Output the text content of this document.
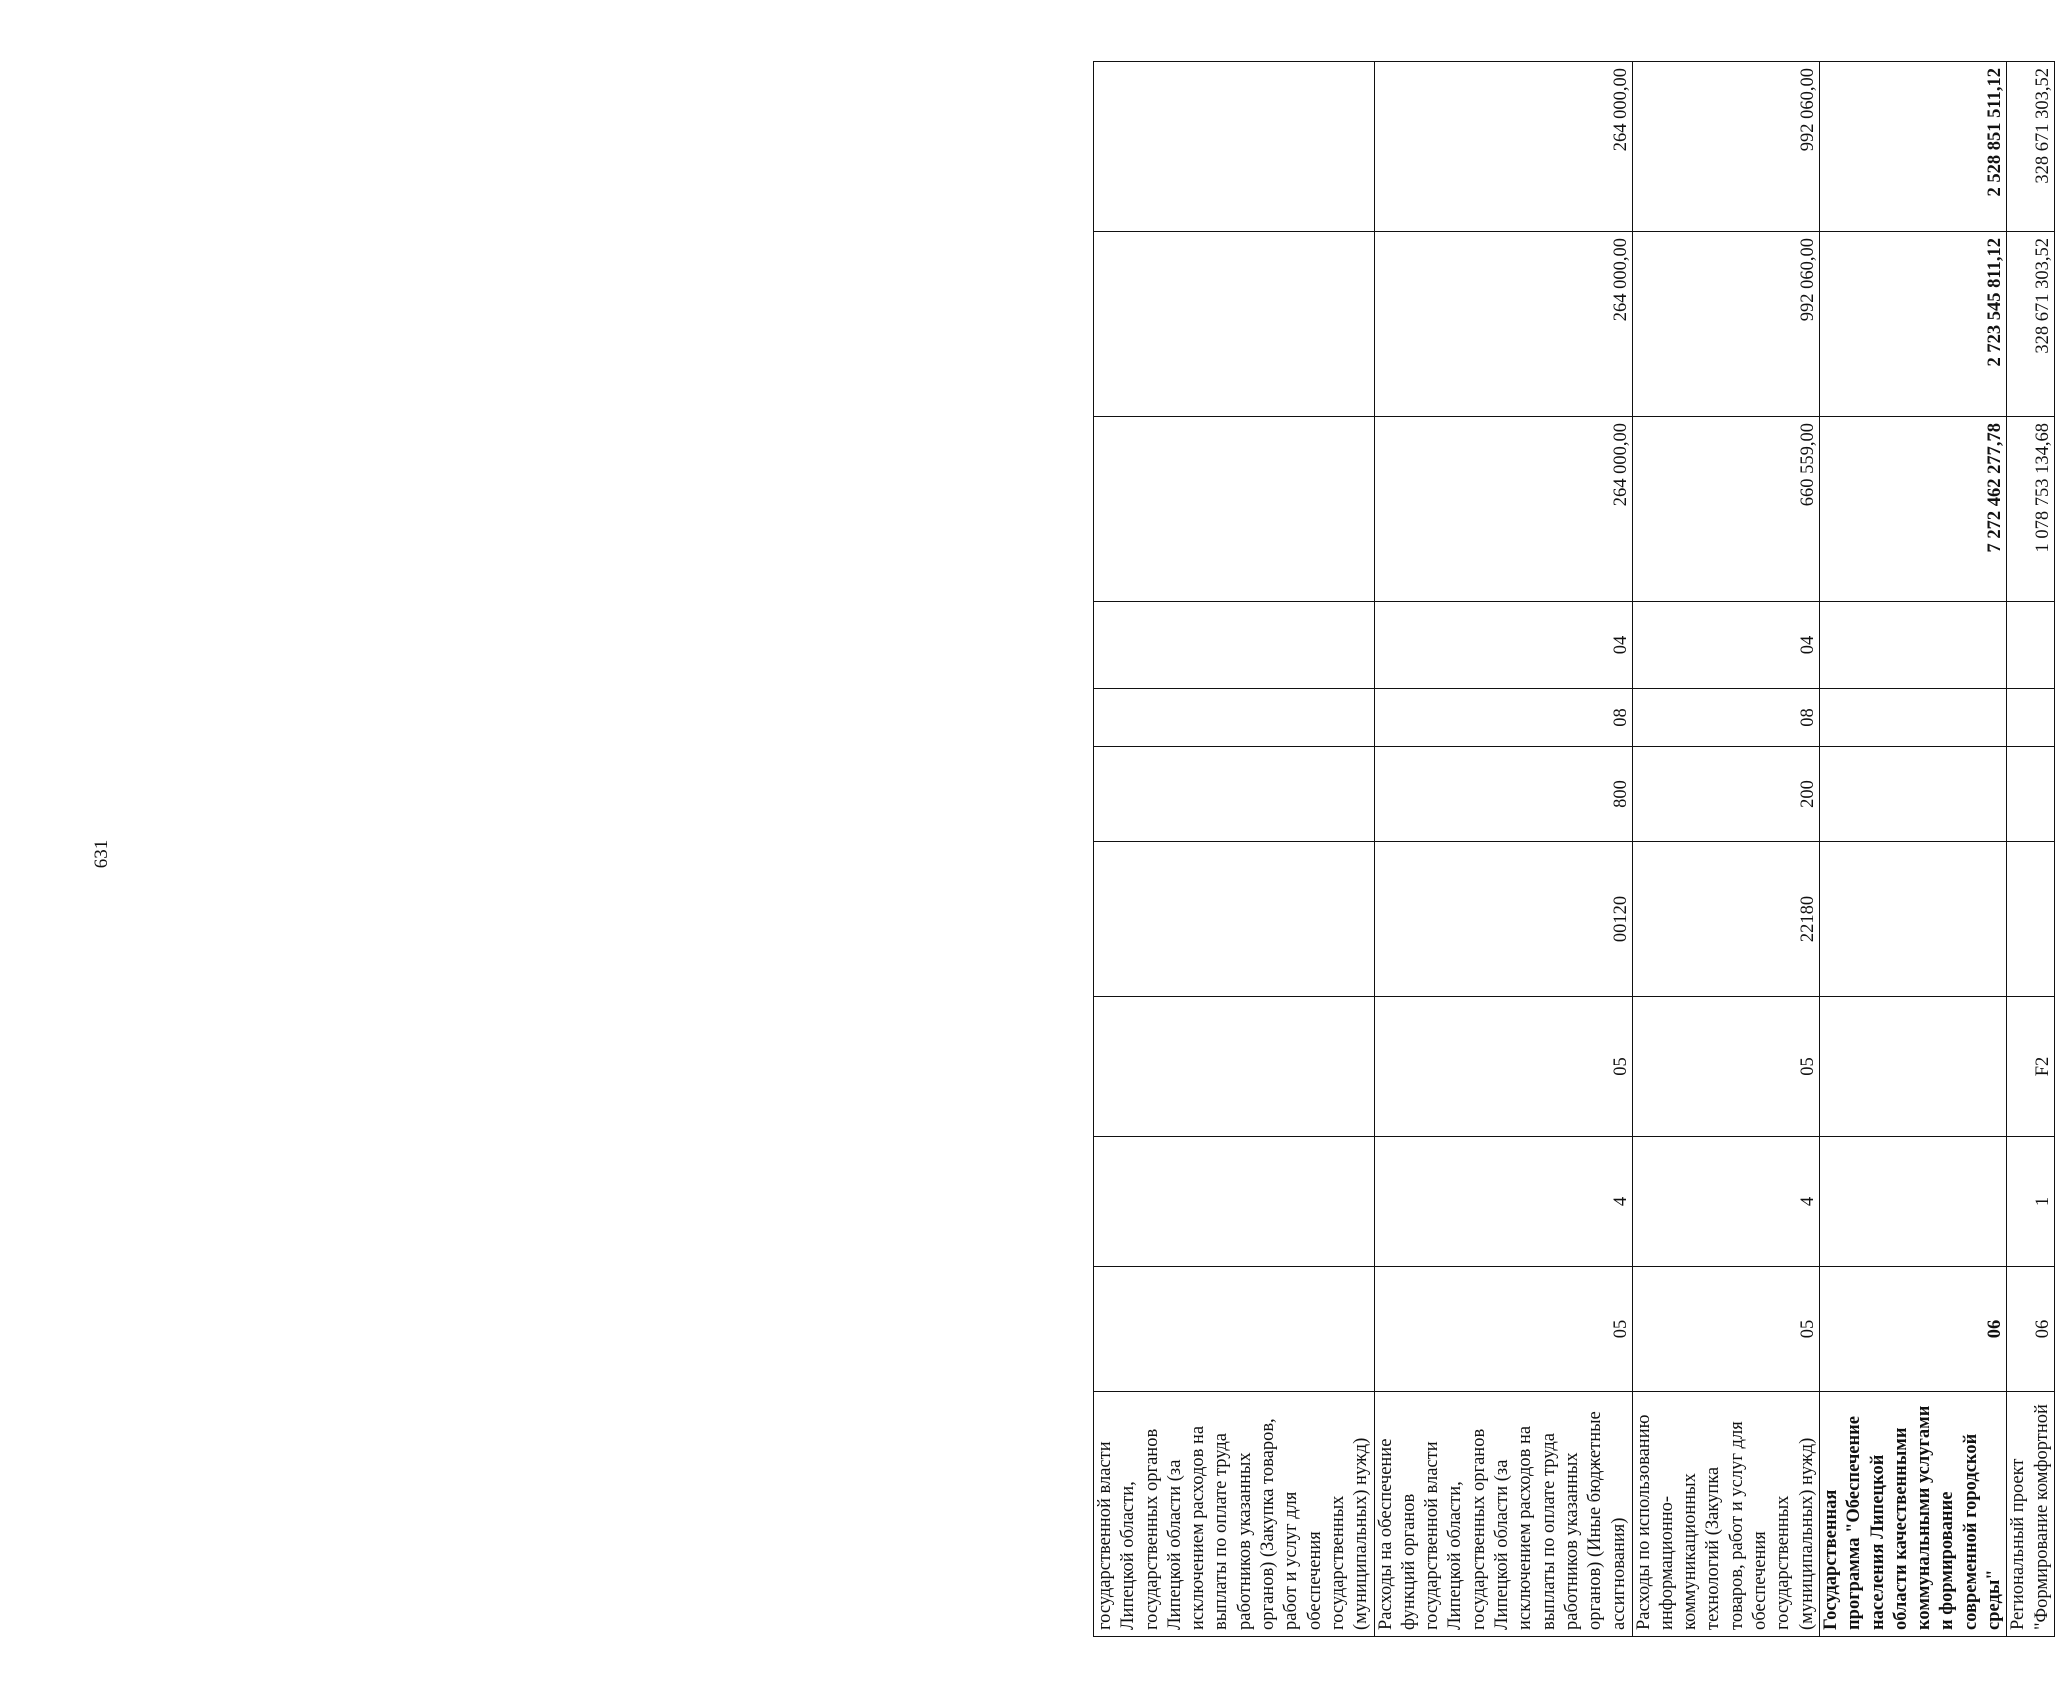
631
государственной власти Липецкой области, государственных органов Липецкой области (за исключением расходов на выплаты по оплате труда работников указанных органов) (Закупка товаров, работ и услуг для обеспечения государственных (муниципальных) нужд)										
Расходы на обеспечение функций органов государственной власти Липецкой области, государственных органов Липецкой области (за исключением расходов на выплаты по оплате труда работников указанных органов) (Иные бюджетные ассигнования)	05	4	05	00120	800	08	04	264 000,00	264 000,00	264 000,00
Расходы по использованию информационно-коммуникационных технологий (Закупка товаров, работ и услуг для обеспечения государственных (муниципальных) нужд)	05	4	05	22180	200	08	04	660 559,00	992 060,00	992 060,00
Государственная программа "Обеспечение населения Липецкой области качественными коммунальными услугами и формирование современной городской среды"	06							7 272 462 277,78	2 723 545 811,12	2 528 851 511,12
Региональный проект "Формирование комфортной	06	1	F2					1 078 753 134,68	328 671 303,52	328 671 303,52
